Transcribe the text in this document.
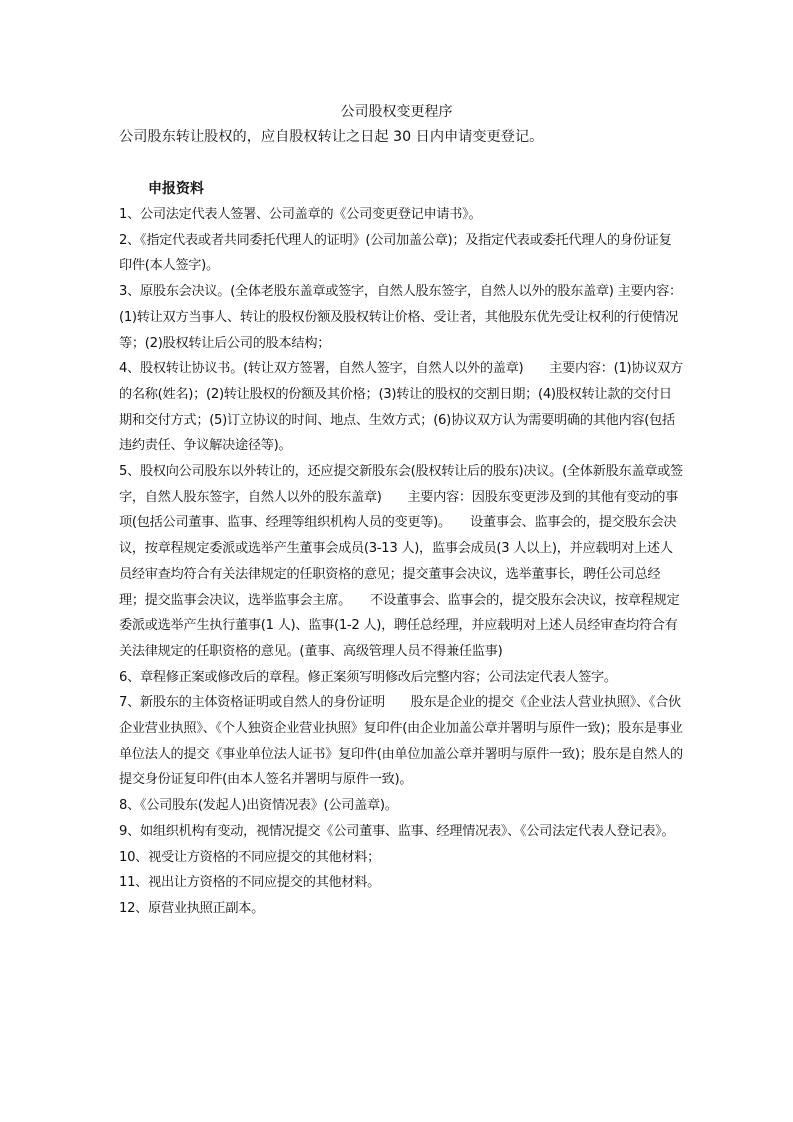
公司股权变更程序
公司股东转让股权的，应自股权转让之日起 30 日内申请变更登记。
申报资料

1、公司法定代表人签署、公司盖章的《公司变更登记申请书》。

2、《指定代表或者共同委托代理人的证明》(公司加盖公章)；及指定代表或委托代理人的身份证复印件(本人签字)。

3、原股东会决议。(全体老股东盖章或签字，自然人股东签字，自然人以外的股东盖章) 主要内容：(1)转让双方当事人、转让的股权份额及股权转让价格、受让者，其他股东优先受让权利的行使情况等；(2)股权转让后公司的股本结构；

4、股权转让协议书。(转让双方签署，自然人签字，自然人以外的盖章)　　主要内容：(1)协议双方的名称(姓名)；(2)转让股权的份额及其价格；(3)转让的股权的交割日期；(4)股权转让款的交付日期和交付方式；(5)订立协议的时间、地点、生效方式；(6)协议双方认为需要明确的其他内容(包括违约责任、争议解决途径等)。

5、股权向公司股东以外转让的，还应提交新股东会(股权转让后的股东)决议。(全体新股东盖章或签字，自然人股东签字，自然人以外的股东盖章)　　主要内容：因股东变更涉及到的其他有变动的事项(包括公司董事、监事、经理等组织机构人员的变更等)。　　设董事会、监事会的，提交股东会决议，按章程规定委派或选举产生董事会成员(3-13 人)，监事会成员(3 人以上)，并应载明对上述人员经审查均符合有关法律规定的任职资格的意见；提交董事会决议，选举董事长，聘任公司总经理；提交监事会决议，选举监事会主席。　　不设董事会、监事会的，提交股东会决议，按章程规定委派或选举产生执行董事(1 人)、监事(1-2 人)，聘任总经理，并应载明对上述人员经审查均符合有关法律规定的任职资格的意见。(董事、高级管理人员不得兼任监事)

6、章程修正案或修改后的章程。修正案须写明修改后完整内容；公司法定代表人签字。

7、新股东的主体资格证明或自然人的身份证明　　股东是企业的提交《企业法人营业执照》、《合伙企业营业执照》、《个人独资企业营业执照》复印件(由企业加盖公章并署明与原件一致)；股东是事业单位法人的提交《事业单位法人证书》复印件(由单位加盖公章并署明与原件一致)；股东是自然人的提交身份证复印件(由本人签名并署明与原件一致)。

8、《公司股东(发起人)出资情况表》(公司盖章)。

9、如组织机构有变动，视情况提交《公司董事、监事、经理情况表》、《公司法定代表人登记表》。

10、视受让方资格的不同应提交的其他材料；

11、视出让方资格的不同应提交的其他材料。

12、原营业执照正副本。
